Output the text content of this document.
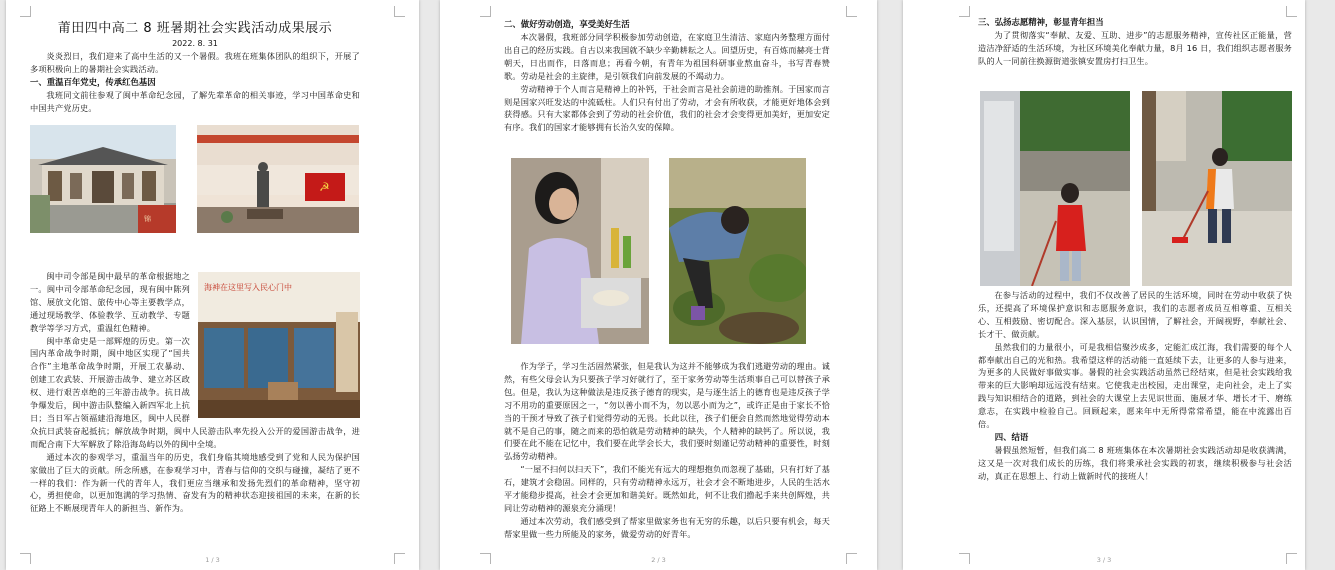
莆田四中高二 8 班暑期社会实践活动成果展示

2022. 8. 31

炎炎烈日，我们迎来了高中生活的又一个暑假。我班在班集体团队的组织下，开展了多项积极向上的暑期社会实践活动。

一、重温百年党史，传承红色基因

我班同文前往参观了闽中革命纪念园，了解先辈革命的相关事迹，学习中国革命史和中国共产党历史。

锦
☭
海神在这里写入民心门中

闽中司令部是闽中最早的革命根据地之一。闽中司令部革命纪念园，现有闽中陈列馆、展放文化馆、旅传中心等主要教学点，通过现场教学、体验教学、互动教学、专题教学等学习方式，重温红色精神。

闽中革命史是一部辉煌的历史。第一次国内革命战争时期，闽中地区实现了“国共合作”主地革命战争时期，开展工农暴动、创建工农武装、开展游击战争、建立苏区政权、进行艰苦卓绝的三年游击战争。抗日战争爆发后，闽中游击队整编入新四军北上抗日；当日军占领福建沿海地区，闽中人民群众抗日武装奋起抵抗；解放战争时期，闽中人民游击队率先投入公开的爱国游击战争，进而配合南下大军解放了除沿海岛屿以外的闽中全境。

通过本次的参观学习，重温当年的历史，我们身临其境地感受到了党和人民为保护国家做出了巨大的贡献。所念所感，在参观学习中，青春与信仰的交织与碰撞，凝结了更不一样的我们：作为新一代的青年人，我们更应当继承和发扬先烈们的革命精神，坚守初心，勇担使命，以更加饱满的学习热情、奋发有为的精神状态迎接祖国的未来，在新的长征路上不断展现青年人的新担当、新作为。

1 / 3

二、做好劳动创造，享受美好生活

本次暑假，我班部分同学积极参加劳动创造，在家庭卫生清洁、家庭内务整理方面付出自己的经历实践。自古以来我国就不缺少辛勤耕耘之人。回望历史，有百炼而赫亮士背朝天，日出而作，日落而息；再看今朝，有青年为祖国科研事业熬血奋斗，书写青春赞歌。劳动是社会的主旋律，是引领我们向前发展的不竭动力。

劳动精神于个人而言是精神上的补钙，于社会而言是社会前进的助推剂。于国家而言则是国家兴旺发达的中流砥柱。人们只有付出了劳动，才会有所收获，才能更好地体会到获得感。只有大家都体会到了劳动的社会价值，我们的社会才会变得更加美好，更加安定有序。我们的国家才能够拥有长治久安的保障。

作为学子，学习生活固然紧张，但是我认为这并不能够成为我们逃避劳动的理由。诚然，有些父母会认为只要孩子学习好就行了，至于家务劳动等生活琐事自己可以替孩子承包。但是，我认为这种做法是违反孩子德育的现实，是与逐生活上的德育也是违反孩子学习不用功的重要原因之一，“勿以善小而不为，勿以恶小而为之”，或许正是由于家长不恰当的干预才导致了孩子们觉得劳动的无畏。长此以往，孩子们便会自然而然地觉得劳动本就不是自己的事，随之而来的恐怕就是劳动精神的缺失，个人精神的缺钙了。所以说，我们要在此不能在记忆中，我们要在此学会长大，我们要时刻谨记劳动精神的重要性，时刻弘扬劳动精神。

“一屋不扫何以扫天下”，我们不能光有远大的理想抱负而忽视了基础，只有打好了基石，建筑才会稳固。同样的，只有劳动精神永远万，社会才会不断地进步，人民的生活水平才能稳步提高，社会才会更加和谐美好。既然如此，何不让我们撸起手来共创辉煌，共同让劳动精神的源泉充分涌现！

通过本次劳动，我们感受到了帮家里做家务也有无穷的乐趣，以后只要有机会，每天帮家里做一些力所能及的家务，做爱劳动的好青年。

2 / 3

三、弘扬志愿精神，彰显青年担当

为了贯彻落实“奉献、友爱、互助、进步”的志愿服务精神，宣传社区正能量，营造洁净舒适的生活环境，为社区环境美化奉献力量，8月 16 日，我们组织志愿者服务队的人一同前往换源街道张镇安置房打扫卫生。

在参与活动的过程中，我们不仅改善了居民的生活环境，同时在劳动中收获了快乐，还提高了环境保护意识和志愿服务意识，我们的志愿者成员互相尊重、互相关心、互相鼓励、密切配合。深入基层，认识国情，了解社会，开阔视野，奉献社会、长才干、做贡献。

虽然我们的力量很小，可是我相信聚沙成多，定能汇成江海，我们需要的每个人都奉献出自己的光和热。我希望这样的活动能一直延续下去，让更多的人参与进来，为更多的人民做好事做实事。暑假的社会实践活动虽然已经结束，但是社会实践给我带来的巨大影响却远远没有结束。它使我走出校园，走出课堂，走向社会，走上了实践与知识相结合的道路，到社会的大课堂上去见识世面、施展才华、增长才干、磨练意志，在实践中检验自己。回顾起来，愿来年中无所得常常希望，能在中流露出百倍。

四、结语

暑假虽然短暂，但我们高二 8 班班集体在本次暑期社会实践活动却是收获满满，这又是一次对我们成长的历练，我们将秉承社会实践的初衷，继续积极参与社会活动，真正在思想上、行动上做新时代的接班人！

3 / 3
